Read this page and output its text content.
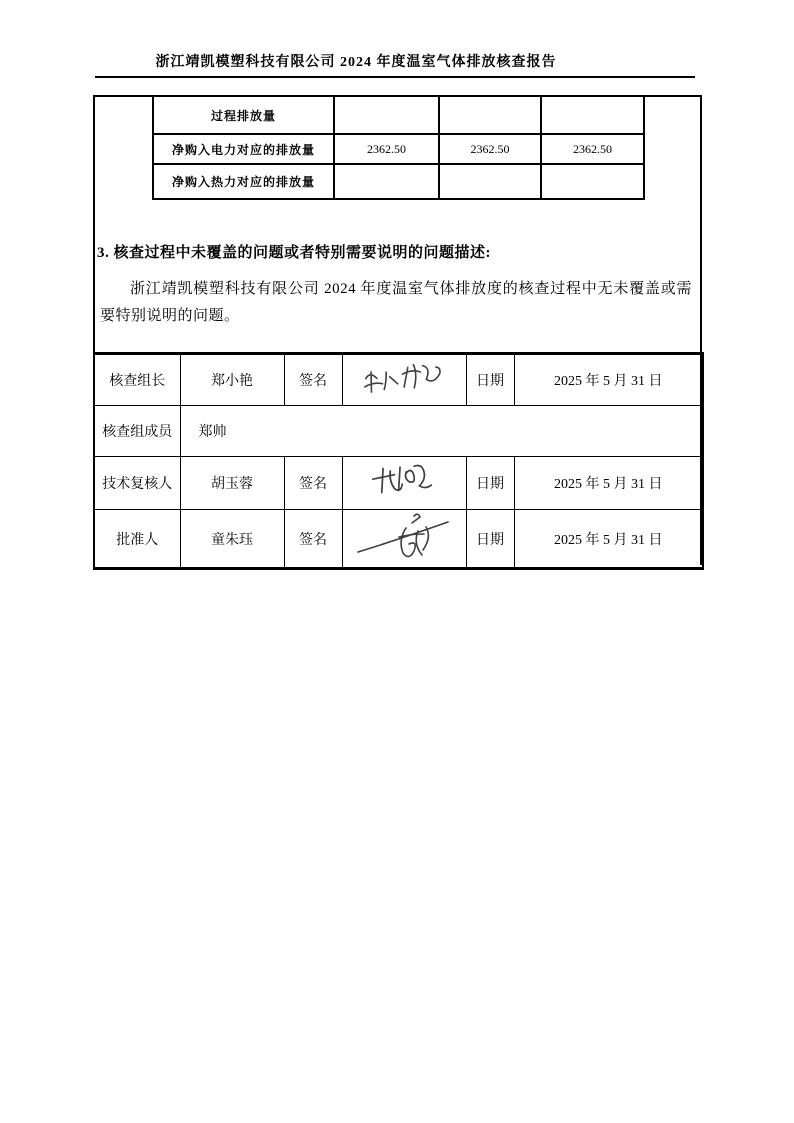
浙江靖凯模塑科技有限公司 2024 年度温室气体排放核查报告
过程排放量			
净购入电力对应的排放量	2362.50	2362.50	2362.50
净购入热力对应的排放量			
3. 核查过程中未覆盖的问题或者特别需要说明的问题描述:
浙江靖凯模塑科技有限公司 2024 年度温室气体排放度的核查过程中无未覆盖或需要特别说明的问题。
核查组长	郑小艳	签名		日期	2025 年 5 月 31 日
核查组成员	郑帅				
技术复核人	胡玉蓉	签名		日期	2025 年 5 月 31 日
批准人	童朱珏	签名		日期	2025 年 5 月 31 日
